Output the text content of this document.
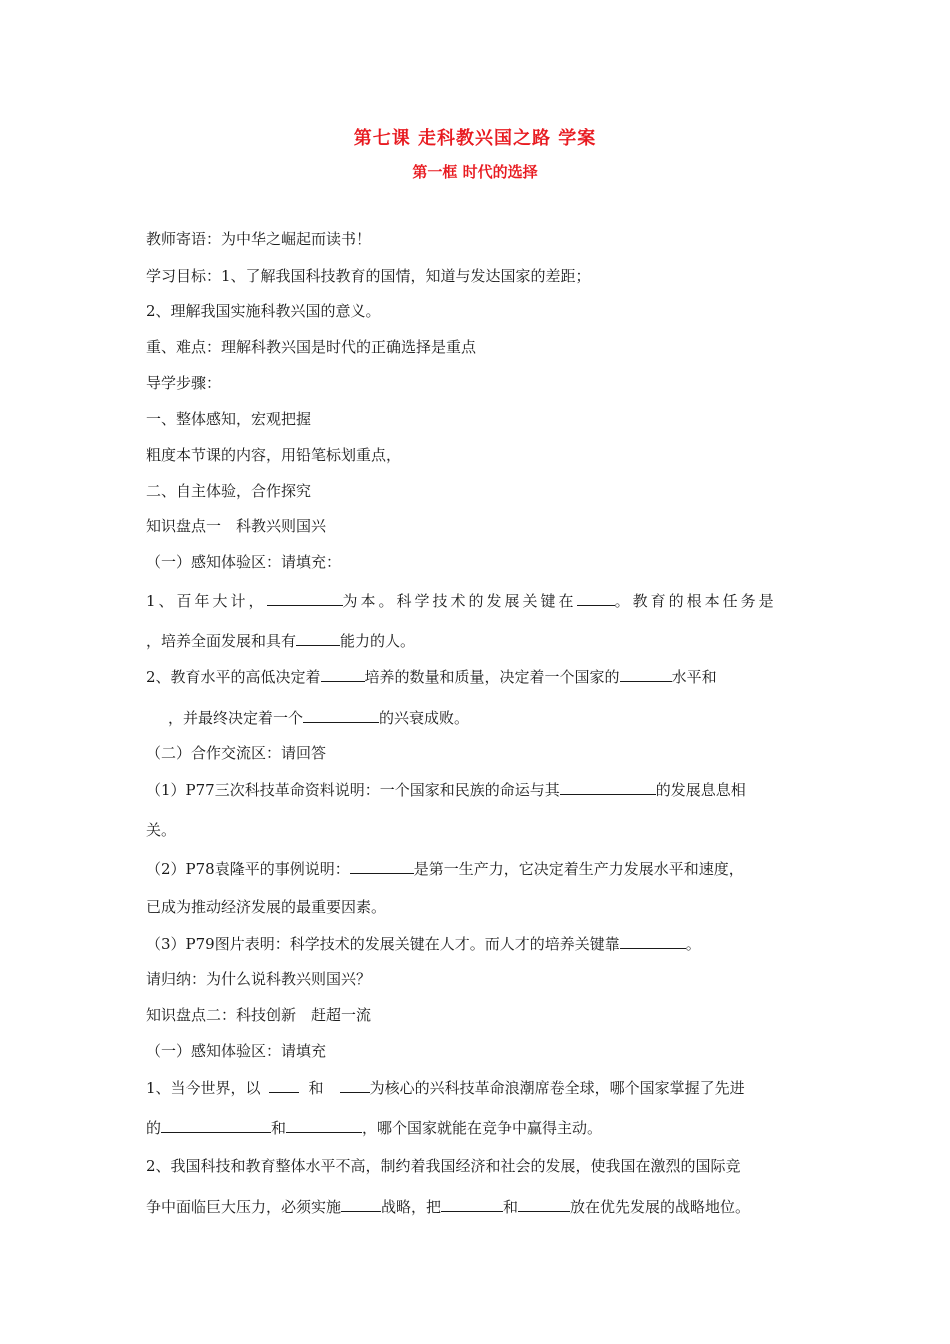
第七课 走科教兴国之路 学案
第一框 时代的选择
教师寄语：为中华之崛起而读书！
学习目标：1、了解我国科技教育的国情，知道与发达国家的差距；
2、理解我国实施科教兴国的意义。
重、难点：理解科教兴国是时代的正确选择是重点
导学步骤：
一、整体感知，宏观把握
粗度本节课的内容，用铅笔标划重点，
二、自主体验，合作探究
知识盘点一　科教兴则国兴
（一）感知体验区：请填充：
1、百年大计，	为本。科学技术的发展关键在	。教育的根本任务是
，培养全面发展和具有	能力的人。
2、教育水平的高低决定着	培养的数量和质量，决定着一个国家的	水平和
，并最终决定着一个	的兴衰成败。
（二）合作交流区：请回答
（1）P77三次科技革命资料说明：一个国家和民族的命运与其	的发展息息相
关。
（2）P78袁隆平的事例说明：	是第一生产力，它决定着生产力发展水平和速度，
已成为推动经济发展的最重要因素。
（3）P79图片表明：科学技术的发展关键在人才。而人才的培养关键靠	。
请归纳：为什么说科教兴则国兴？
知识盘点二：科技创新　赶超一流
（一）感知体验区：请填充
1、当今世界，以	和	为核心的兴科技革命浪潮席卷全球，哪个国家掌握了先进
的	和	，哪个国家就能在竞争中赢得主动。
2、我国科技和教育整体水平不高，制约着我国经济和社会的发展，使我国在激烈的国际竞
争中面临巨大压力，必须实施	战略，把	和	放在优先发展的战略地位。
